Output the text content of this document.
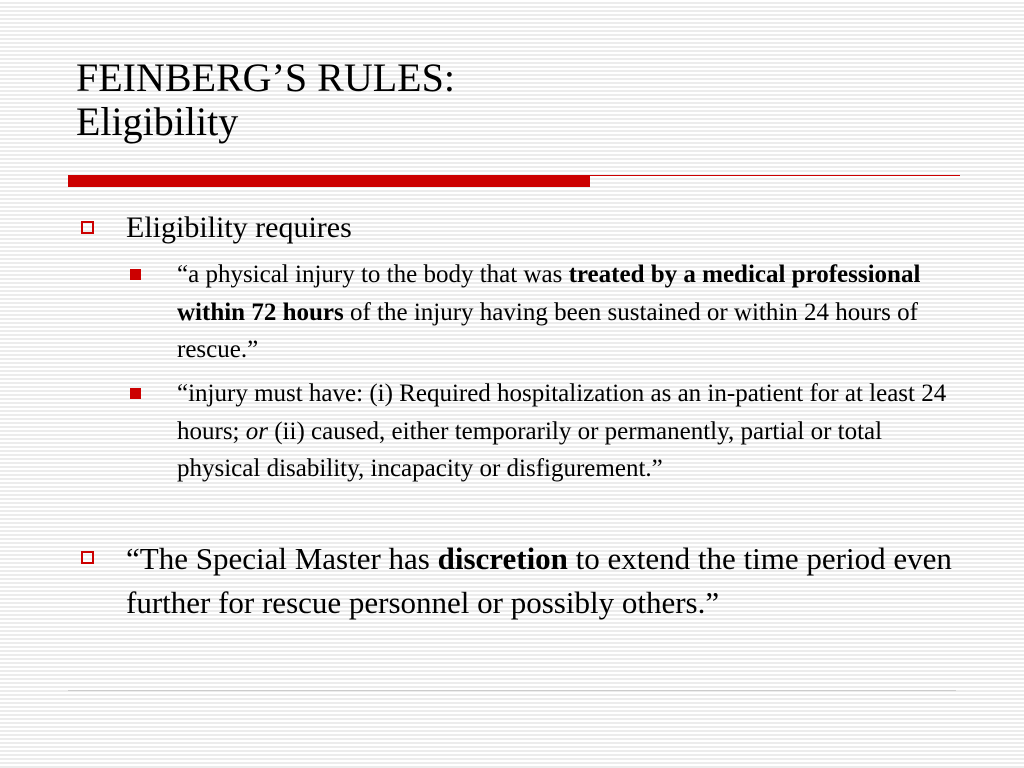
FEINBERG’S RULES:
Eligibility
Eligibility requires
“a physical injury to the body that was treated by a medical professional within 72 hours of the injury having been sustained or within 24 hours of rescue.”
“injury must have: (i) Required hospitalization as an in-patient for at least 24 hours; or (ii) caused, either temporarily or permanently, partial or total physical disability, incapacity or disfigurement.”
“The Special Master has discretion to extend the time period even further for rescue personnel or possibly others.”
